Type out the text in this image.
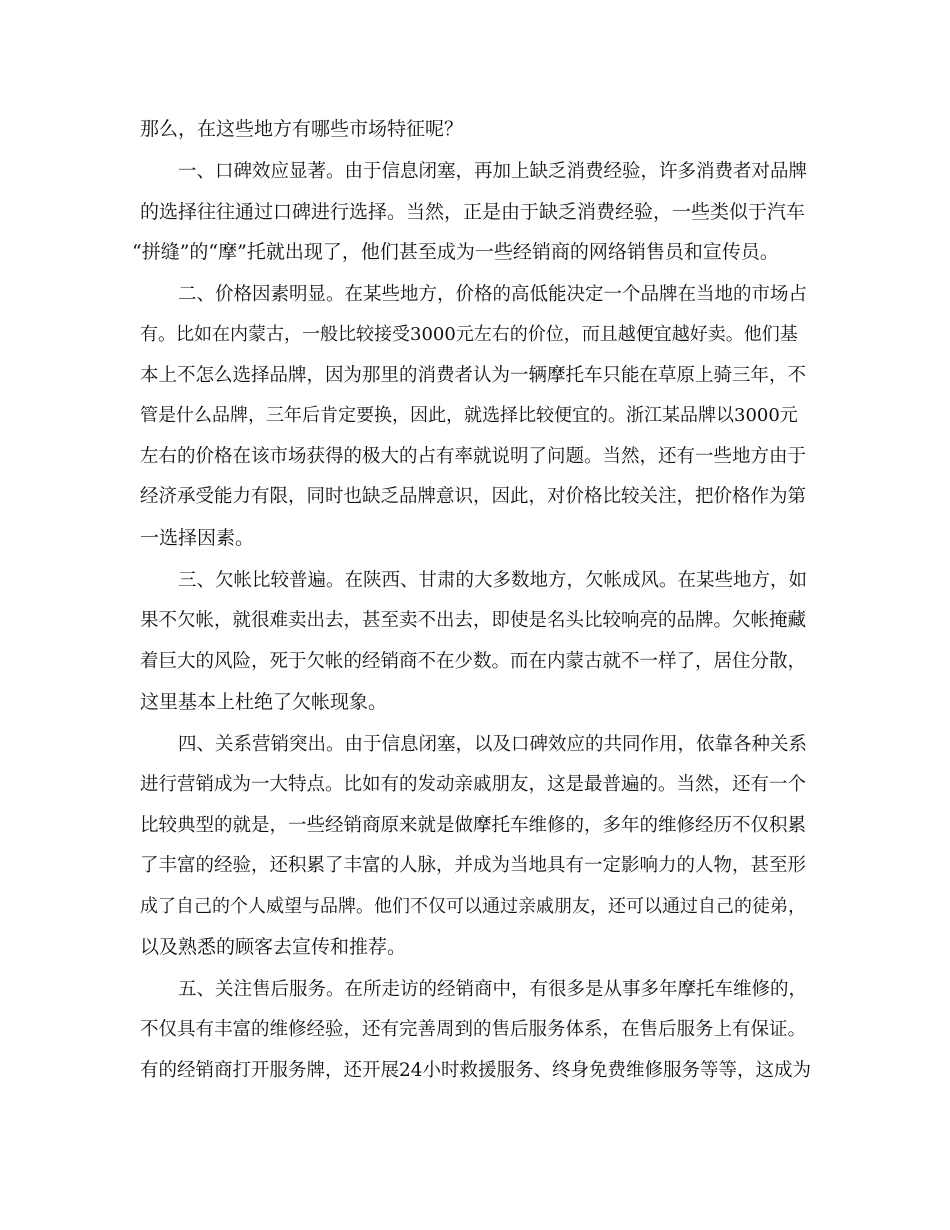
那么，在这些地方有哪些市场特征呢？
一、口碑效应显著。由于信息闭塞，再加上缺乏消费经验，许多消费者对品牌
的选择往往通过口碑进行选择。当然，正是由于缺乏消费经验，一些类似于汽车
“拼缝”的“摩”托就出现了，他们甚至成为一些经销商的网络销售员和宣传员。
二、价格因素明显。在某些地方，价格的高低能决定一个品牌在当地的市场占
有。比如在内蒙古，一般比较接受3000元左右的价位，而且越便宜越好卖。他们基
本上不怎么选择品牌，因为那里的消费者认为一辆摩托车只能在草原上骑三年，不
管是什么品牌，三年后肯定要换，因此，就选择比较便宜的。浙江某品牌以3000元
左右的价格在该市场获得的极大的占有率就说明了问题。当然，还有一些地方由于
经济承受能力有限，同时也缺乏品牌意识，因此，对价格比较关注，把价格作为第
一选择因素。
三、欠帐比较普遍。在陕西、甘肃的大多数地方，欠帐成风。在某些地方，如
果不欠帐，就很难卖出去，甚至卖不出去，即使是名头比较响亮的品牌。欠帐掩藏
着巨大的风险，死于欠帐的经销商不在少数。而在内蒙古就不一样了，居住分散，
这里基本上杜绝了欠帐现象。
四、关系营销突出。由于信息闭塞，以及口碑效应的共同作用，依靠各种关系
进行营销成为一大特点。比如有的发动亲戚朋友，这是最普遍的。当然，还有一个
比较典型的就是，一些经销商原来就是做摩托车维修的，多年的维修经历不仅积累
了丰富的经验，还积累了丰富的人脉，并成为当地具有一定影响力的人物，甚至形
成了自己的个人威望与品牌。他们不仅可以通过亲戚朋友，还可以通过自己的徒弟，
以及熟悉的顾客去宣传和推荐。
五、关注售后服务。在所走访的经销商中，有很多是从事多年摩托车维修的，
不仅具有丰富的维修经验，还有完善周到的售后服务体系，在售后服务上有保证。
有的经销商打开服务牌，还开展24小时救援服务、终身免费维修服务等等，这成为
